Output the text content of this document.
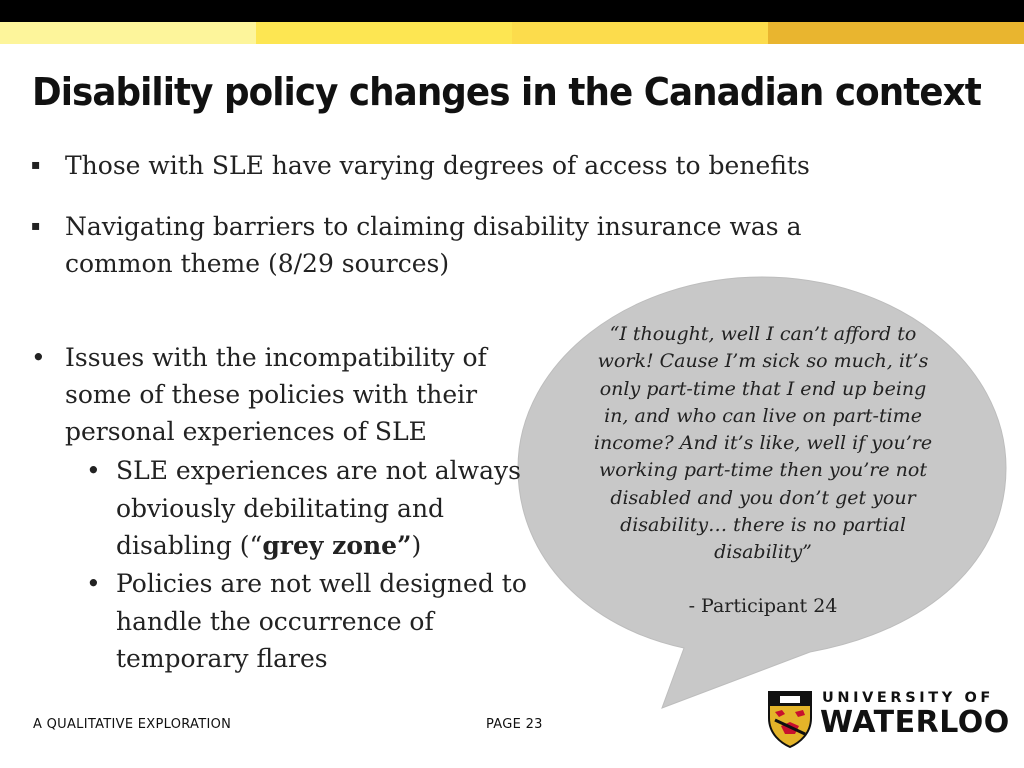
Disability policy changes in the Canadian context
▪ Those with SLE have varying degrees of access to benefits
▪ Navigating barriers to claiming disability insurance was a common theme (8/29 sources)
• Issues with the incompatibility of some of these policies with their personal experiences of SLE
• SLE experiences are not always obviously debilitating and disabling (“grey zone”)
• Policies are not well designed to handle the occurrence of temporary flares
“I thought, well I can’t afford to work! Cause I’m sick so much, it’s only part-time that I end up being in, and who can live on part-time income? And it’s like, well if you’re working part-time then you’re not disabled and you don’t get your disability… there is no partial disability”
- Participant 24
A QUALITATIVE EXPLORATION	PAGE 23
UNIVERSITY OF
WATERLOO
